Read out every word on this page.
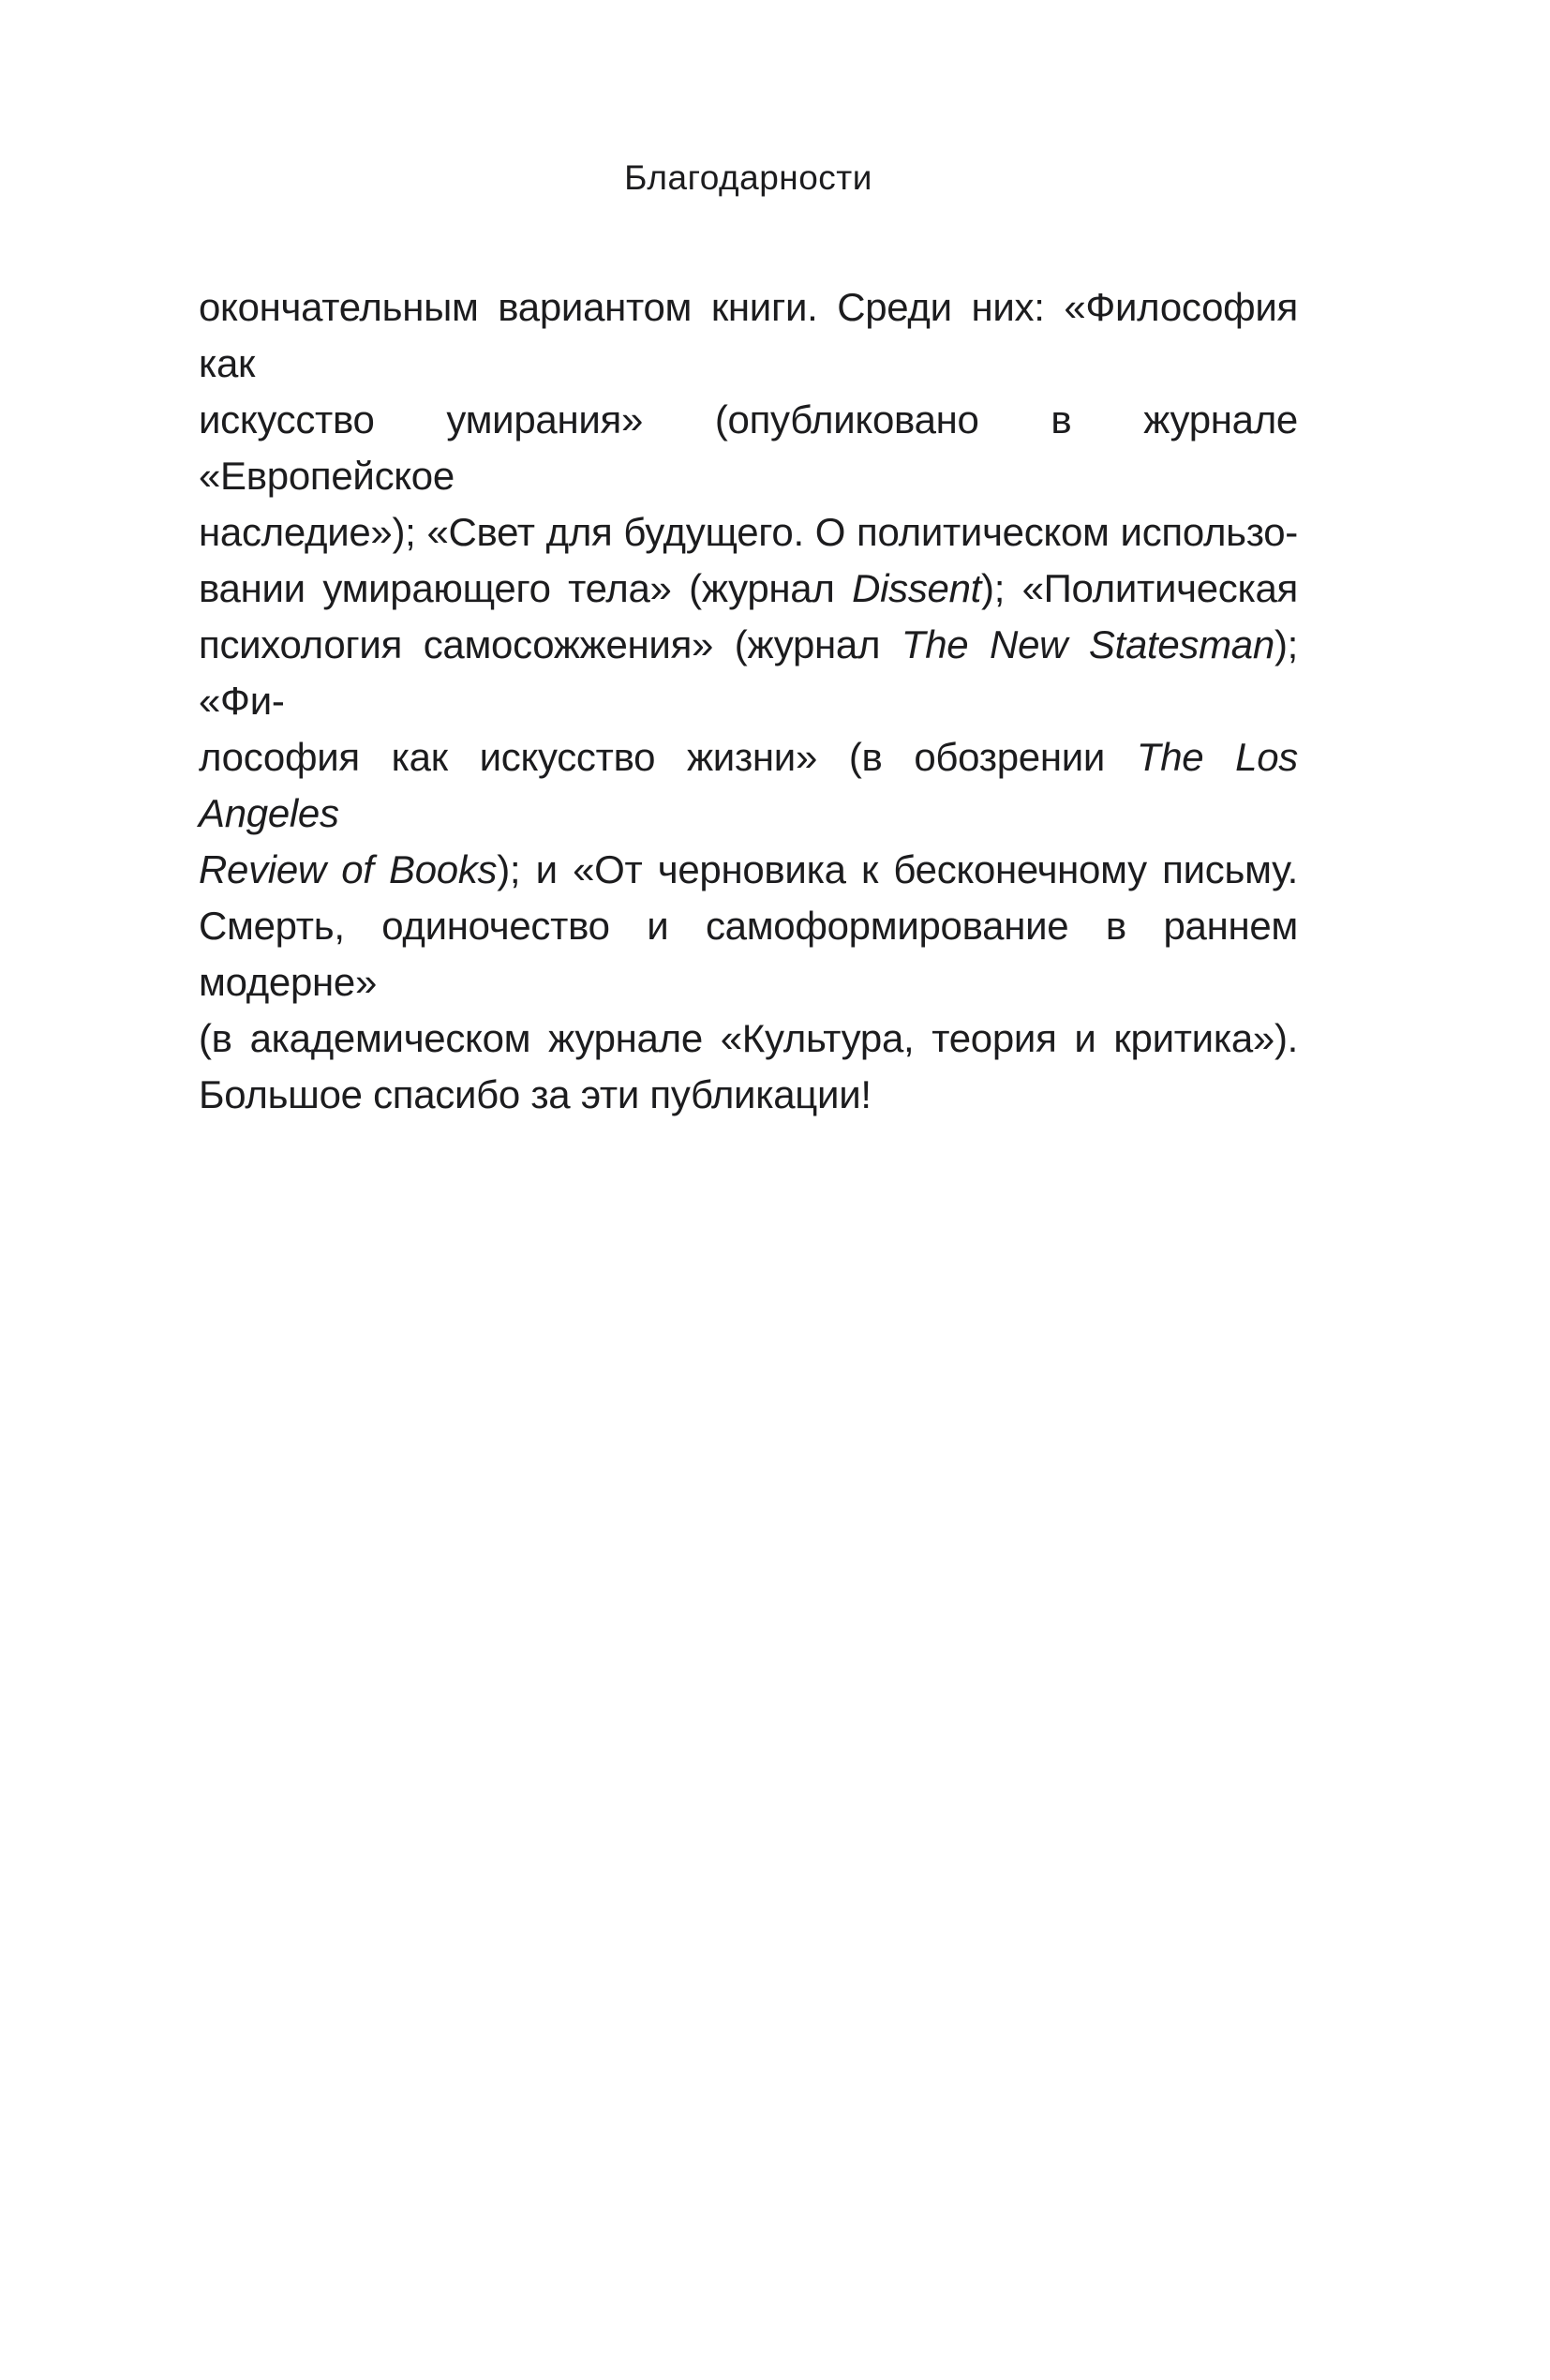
Благодарности
окончательным вариантом книги. Среди них: «Философия как
искусство умирания» (опубликовано в журнале «Европейское
наследие»); «Свет для будущего. О политическом использо-
вании умирающего тела» (журнал Dissent); «Политическая
психология самосожжения» (журнал The New Statesman); «Фи-
лософия как искусство жизни» (в обозрении The Los Angeles
Review of Books); и «От черновика к бесконечному письму.
Смерть, одиночество и самоформирование в раннем модерне»
(в академическом журнале «Культура, теория и критика»).
Большое спасибо за эти публикации!
